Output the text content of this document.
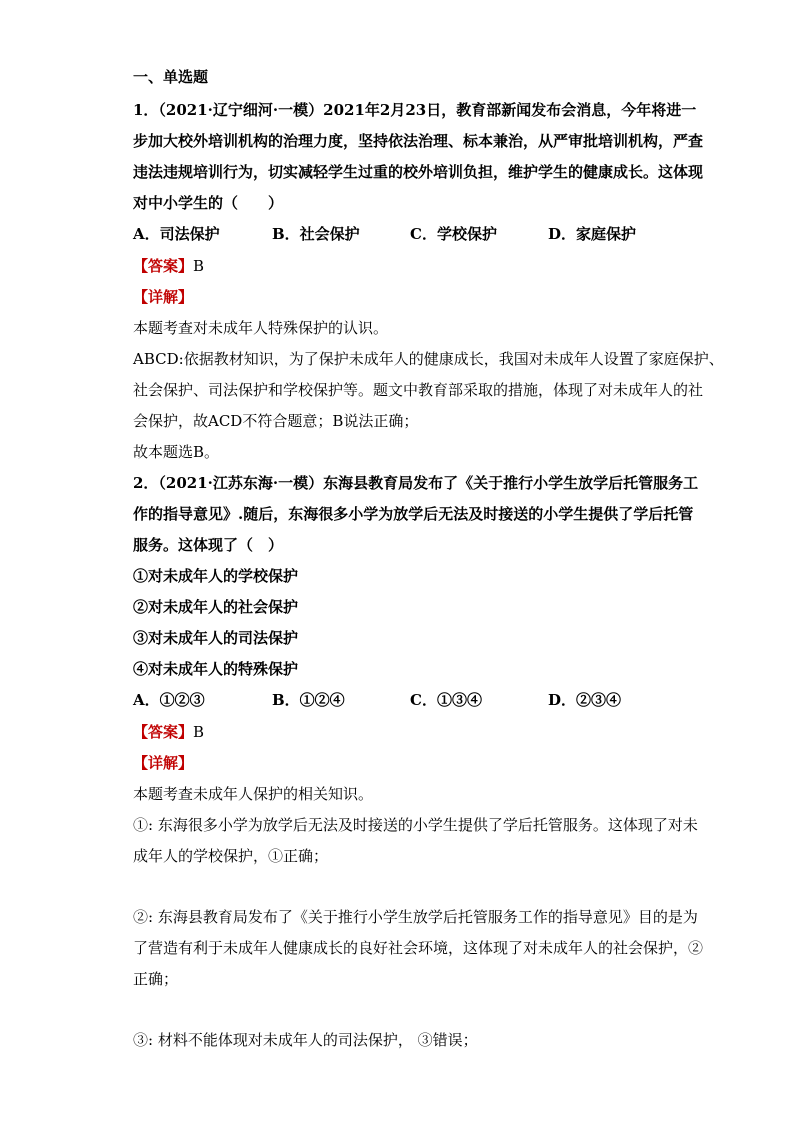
一、单选题
1．（2021·辽宁细河·一模）2021年2月23日，教育部新闻发布会消息，今年将进一
步加大校外培训机构的治理力度，坚持依法治理、标本兼治，从严审批培训机构，严查
违法违规培训行为，切实减轻学生过重的校外培训负担，维护学生的健康成长。这体现
对中小学生的（　　）
A．司法保护	B．社会保护	C．学校保护	D．家庭保护
【答案】B
【详解】
本题考查对未成年人特殊保护的认识。
ABCD:依据教材知识，为了保护未成年人的健康成长，我国对未成年人设置了家庭保护、
社会保护、司法保护和学校保护等。题文中教育部采取的措施，体现了对未成年人的社
会保护，故ACD不符合题意；B说法正确；
故本题选B。
2．（2021·江苏东海·一模）东海县教育局发布了《关于推行小学生放学后托管服务工
作的指导意见》.随后，东海很多小学为放学后无法及时接送的小学生提供了学后托管
服务。这体现了（　）
①对未成年人的学校保护
②对未成年人的社会保护
③对未成年人的司法保护
④对未成年人的特殊保护
A．①②③	B．①②④	C．①③④	D．②③④
【答案】B
【详解】
本题考查未成年人保护的相关知识。
①: 东海很多小学为放学后无法及时接送的小学生提供了学后托管服务。这体现了对未
成年人的学校保护，①正确；
②: 东海县教育局发布了《关于推行小学生放学后托管服务工作的指导意见》目的是为
了营造有利于未成年人健康成长的良好社会环境，这体现了对未成年人的社会保护，②
正确；
③: 材料不能体现对未成年人的司法保护， ③错误；
